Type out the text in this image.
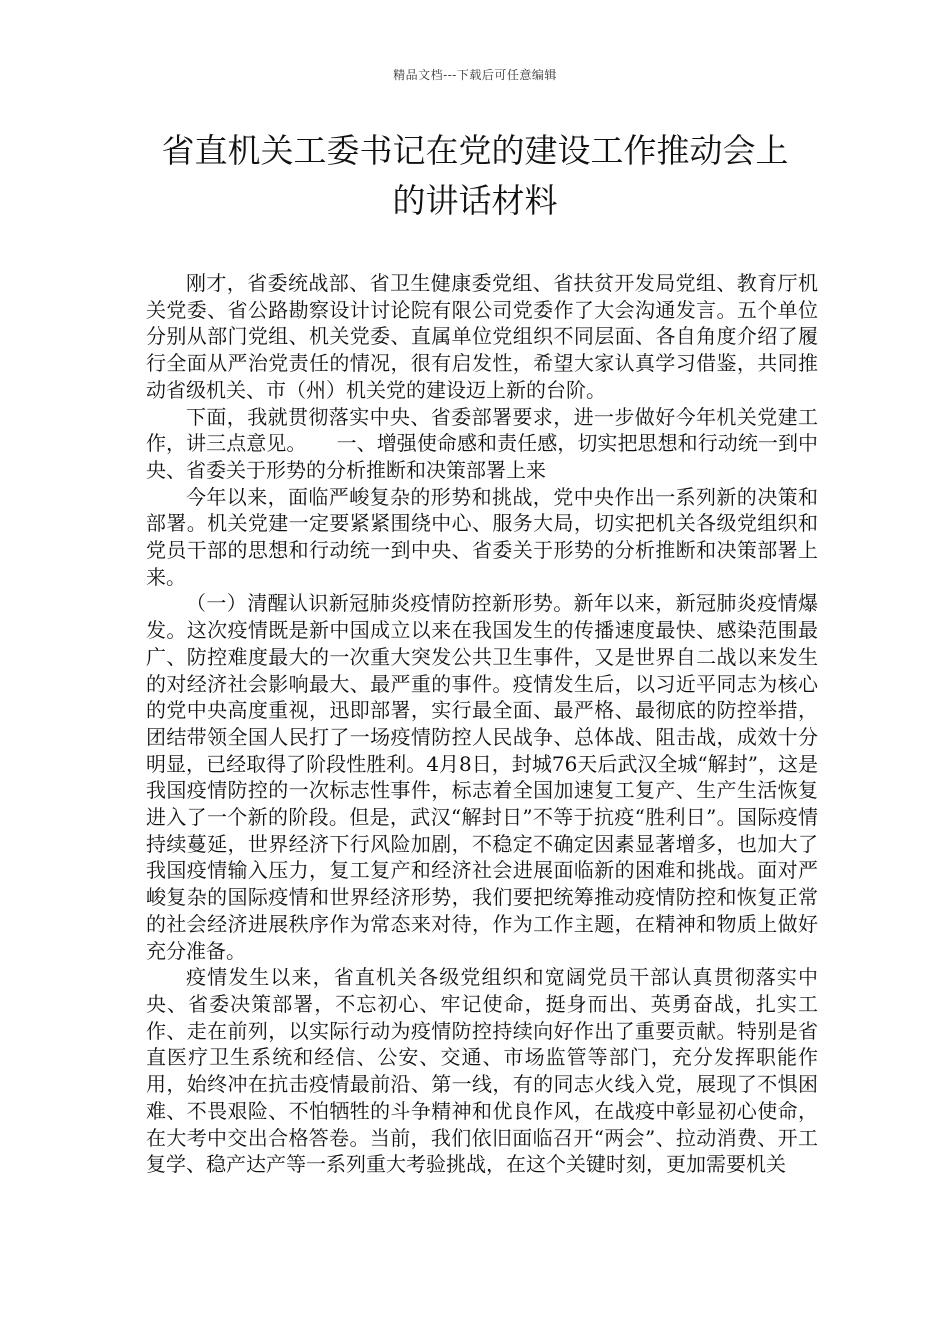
精品文档---下载后可任意编辑
省直机关工委书记在党的建设工作推动会上的讲话材料

刚才，省委统战部、省卫生健康委党组、省扶贫开发局党组、教育厅机关党委、省公路勘察设计讨论院有限公司党委作了大会沟通发言。五个单位分别从部门党组、机关党委、直属单位党组织不同层面、各自角度介绍了履行全面从严治党责任的情况，很有启发性，希望大家认真学习借鉴，共同推动省级机关、市（州）机关党的建设迈上新的台阶。

下面，我就贯彻落实中央、省委部署要求，进一步做好今年机关党建工作，讲三点意见。　　一、增强使命感和责任感，切实把思想和行动统一到中央、省委关于形势的分析推断和决策部署上来

今年以来，面临严峻复杂的形势和挑战，党中央作出一系列新的决策和部署。机关党建一定要紧紧围绕中心、服务大局，切实把机关各级党组织和党员干部的思想和行动统一到中央、省委关于形势的分析推断和决策部署上来。

（一）清醒认识新冠肺炎疫情防控新形势。新年以来，新冠肺炎疫情爆发。这次疫情既是新中国成立以来在我国发生的传播速度最快、感染范围最广、防控难度最大的一次重大突发公共卫生事件，又是世界自二战以来发生的对经济社会影响最大、最严重的事件。疫情发生后，以习近平同志为核心的党中央高度重视，迅即部署，实行最全面、最严格、最彻底的防控举措，团结带领全国人民打了一场疫情防控人民战争、总体战、阻击战，成效十分明显，已经取得了阶段性胜利。4月8日，封城76天后武汉全城“解封”，这是我国疫情防控的一次标志性事件，标志着全国加速复工复产、生产生活恢复进入了一个新的阶段。但是，武汉“解封日”不等于抗疫“胜利日”。国际疫情持续蔓延，世界经济下行风险加剧，不稳定不确定因素显著增多，也加大了我国疫情输入压力，复工复产和经济社会进展面临新的困难和挑战。面对严峻复杂的国际疫情和世界经济形势，我们要把统筹推动疫情防控和恢复正常的社会经济进展秩序作为常态来对待，作为工作主题，在精神和物质上做好充分准备。

疫情发生以来，省直机关各级党组织和宽阔党员干部认真贯彻落实中央、省委决策部署，不忘初心、牢记使命，挺身而出、英勇奋战，扎实工作、走在前列，以实际行动为疫情防控持续向好作出了重要贡献。特别是省直医疗卫生系统和经信、公安、交通、市场监管等部门，充分发挥职能作用，始终冲在抗击疫情最前沿、第一线，有的同志火线入党，展现了不惧困难、不畏艰险、不怕牺牲的斗争精神和优良作风，在战疫中彰显初心使命，在大考中交出合格答卷。当前，我们依旧面临召开“两会”、拉动消费、开工复学、稳产达产等一系列重大考验挑战，在这个关键时刻，更加需要机关
